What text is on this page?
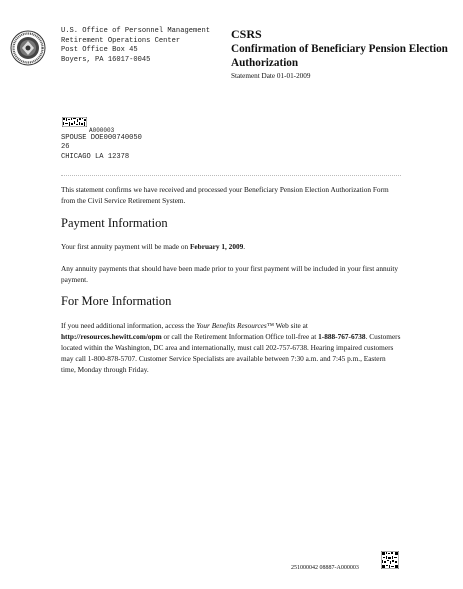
U.S. Office of Personnel Management
Retirement Operations Center
Post Office Box 45
Boyers, PA 16017-0045
CSRS
Confirmation of Beneficiary Pension Election Authorization
Statement Date 01-01-2009
A000003
SPOUSE DOE000740050
26
CHICAGO LA 12378
This statement confirms we have received and processed your Beneficiary Pension Election Authorization Form from the Civil Service Retirement System.
Payment Information
Your first annuity payment will be made on February 1, 2009.
Any annuity payments that should have been made prior to your first payment will be included in your first annuity payment.
For More Information
If you need additional information, access the Your Benefits Resources™ Web site at http://resources.hewitt.com/opm or call the Retirement Information Office toll-free at 1-888-767-6738. Customers located within the Washington, DC area and internationally, must call 202-757-6738. Hearing impaired customers may call 1-800-878-5707. Customer Service Specialists are available between 7:30 a.m. and 7:45 p.m., Eastern time, Monday through Friday.
251000042 08887-A000003
